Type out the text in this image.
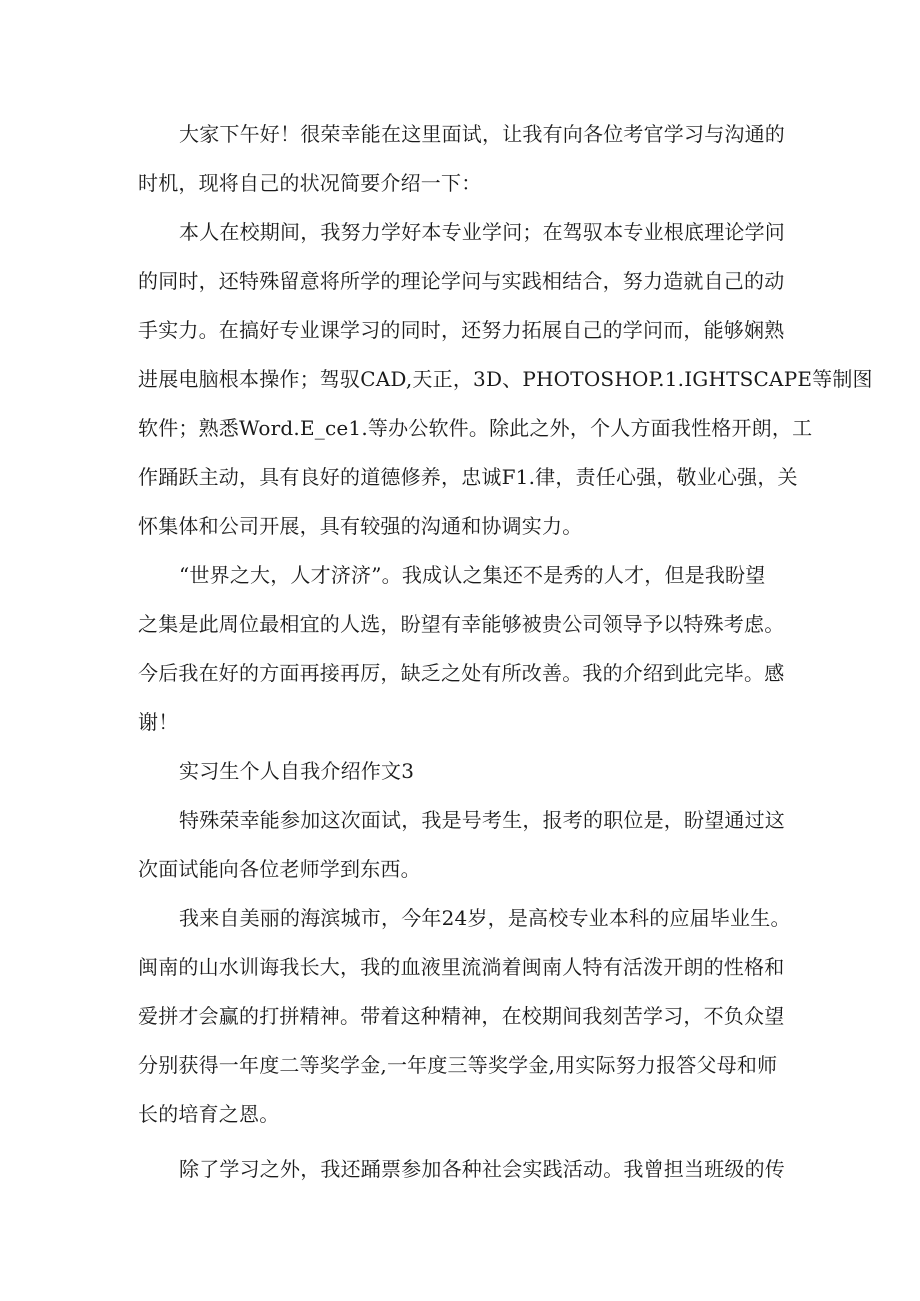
大家下午好！很荣幸能在这里面试，让我有向各位考官学习与沟通的

时机，现将自己的状况简要介绍一下：

本人在校期间，我努力学好本专业学问；在驾驭本专业根底理论学问

的同时，还特殊留意将所学的理论学问与实践相结合，努力造就自己的动

手实力。在搞好专业课学习的同时，还努力拓展自己的学问而，能够娴熟

进展电脑根本操作；驾驭CAD,天正，3D、PHOTOSHOP.1.IGHTSCAPE等制图

软件；熟悉Word.E_ce1.等办公软件。除此之外，个人方面我性格开朗，工

作踊跃主动，具有良好的道德修养，忠诚F1.律，责任心强，敬业心强，关

怀集体和公司开展，具有较强的沟通和协调实力。

“世界之大，人才济济”。我成认之集还不是秀的人才，但是我盼望

之集是此周位最相宜的人选，盼望有幸能够被贵公司领导予以特殊考虑。

今后我在好的方面再接再厉，缺乏之处有所改善。我的介绍到此完毕。感

谢！

实习生个人自我介绍作文3

特殊荣幸能参加这次面试，我是号考生，报考的职位是，盼望通过这

次面试能向各位老师学到东西。

我来自美丽的海滨城市，今年24岁，是高校专业本科的应届毕业生。

闽南的山水训诲我长大，我的血液里流淌着闽南人特有活泼开朗的性格和

爱拼才会赢的打拼精神。带着这种精神，在校期间我刻苦学习，不负众望

分别获得一年度二等奖学金,一年度三等奖学金,用实际努力报答父母和师

长的培育之恩。

除了学习之外，我还踊票参加各种社会实践活动。我曾担当班级的传
